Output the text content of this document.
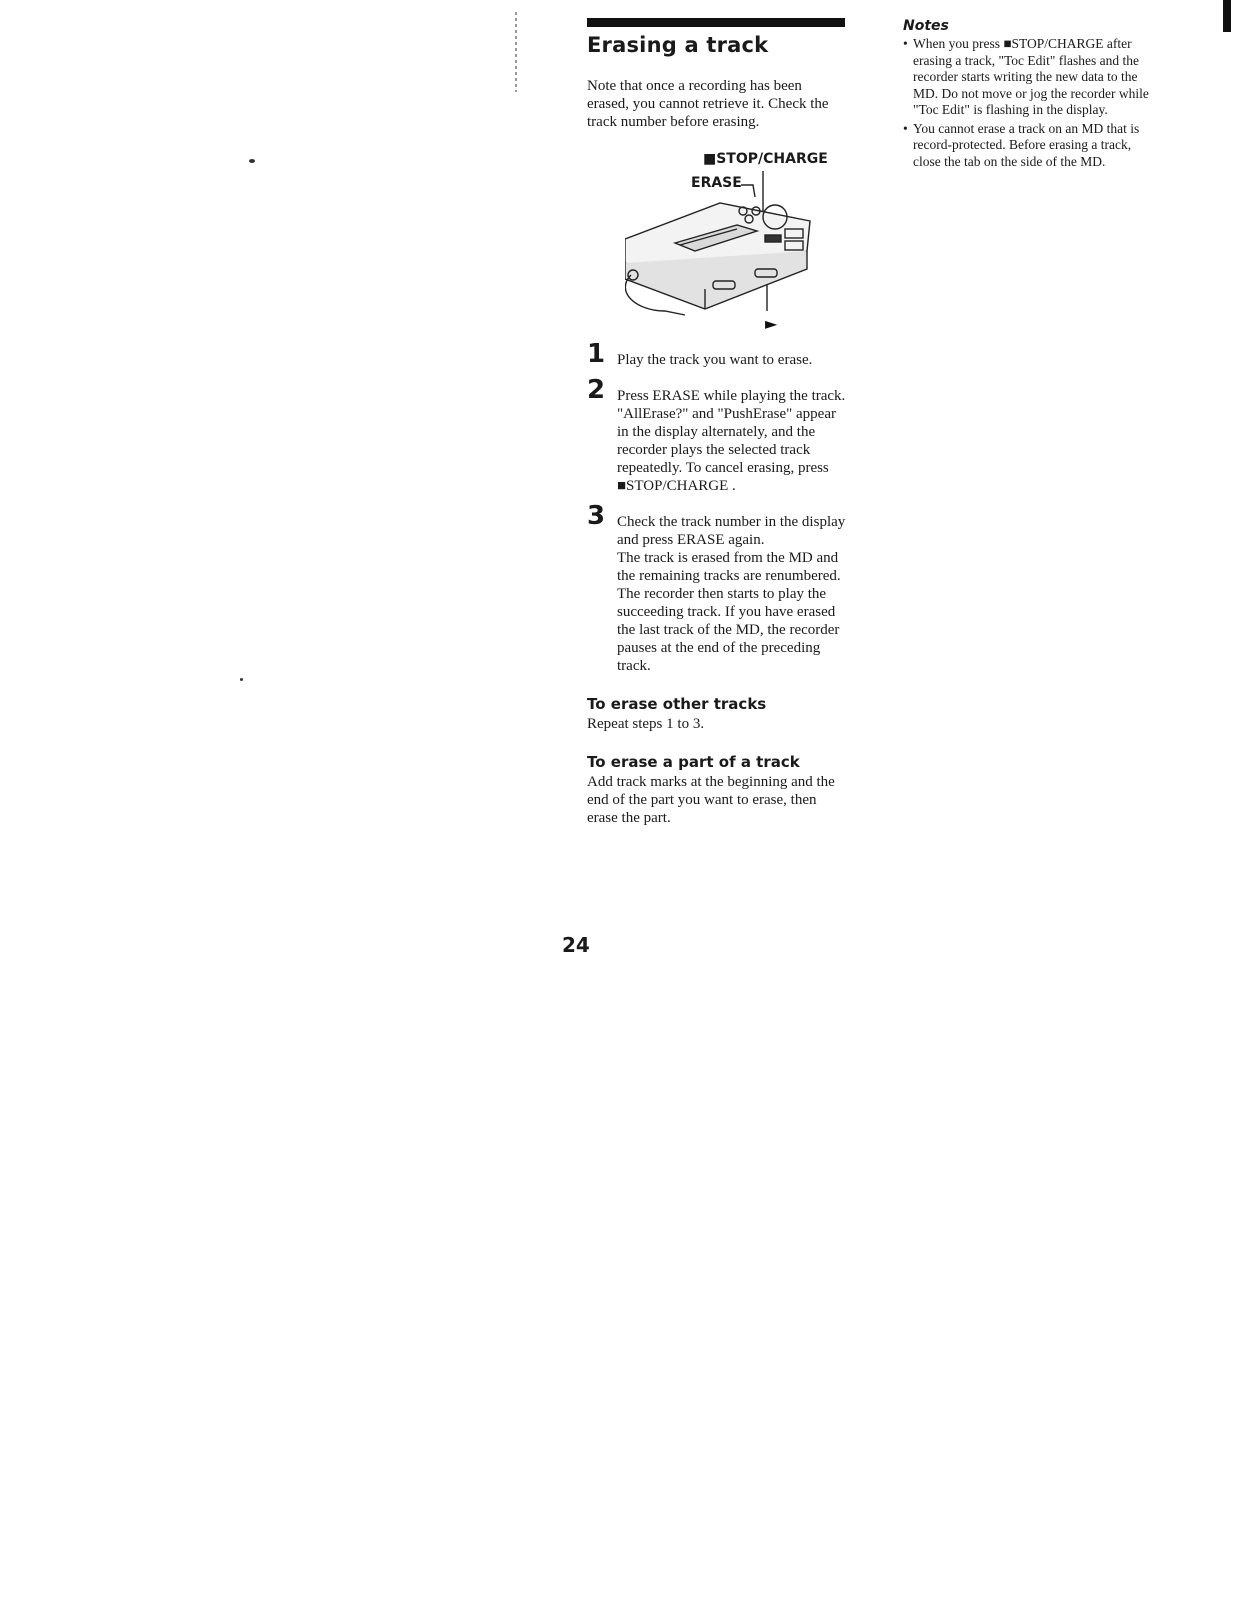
Erasing a track
Note that once a recording has been erased, you cannot retrieve it. Check the track number before erasing.
■STOP/CHARGE
ERASE
►
1 Play the track you want to erase.
2 Press ERASE while playing the track.
"AllErase?" and "PushErase" appear in the display alternately, and the recorder plays the selected track repeatedly. To cancel erasing, press ■STOP/CHARGE .
3 Check the track number in the display and press ERASE again.
The track is erased from the MD and the remaining tracks are renumbered. The recorder then starts to play the succeeding track. If you have erased the last track of the MD, the recorder pauses at the end of the preceding track.
To erase other tracks
Repeat steps 1 to 3.
To erase a part of a track
Add track marks at the beginning and the end of the part you want to erase, then erase the part.
24
Notes
• When you press ■STOP/CHARGE after erasing a track, "Toc Edit" flashes and the recorder starts writing the new data to the MD. Do not move or jog the recorder while "Toc Edit" is flashing in the display.
• You cannot erase a track on an MD that is record-protected. Before erasing a track, close the tab on the side of the MD.
